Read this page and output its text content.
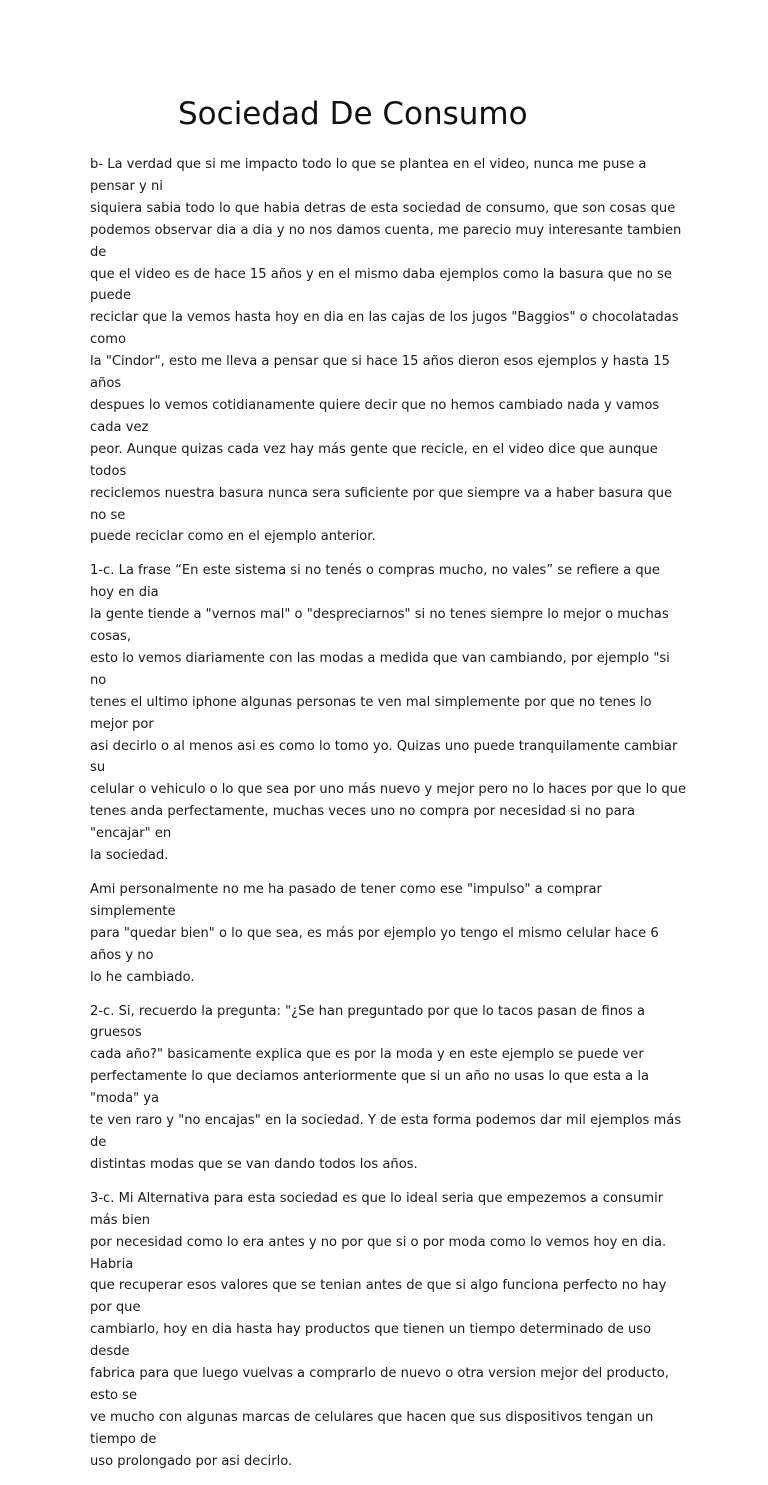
Sociedad De Consumo

b- La verdad que si me impacto todo lo que se plantea en el video, nunca me puse a pensar y ni
siquiera sabia todo lo que habia detras de esta sociedad de consumo, que son cosas que
podemos observar dia a dia y no nos damos cuenta, me parecio muy interesante tambien de
que el video es de hace 15 años y en el mismo daba ejemplos como la basura que no se puede
reciclar que la vemos hasta hoy en dia en las cajas de los jugos "Baggios" o chocolatadas como
la "Cindor", esto me lleva a pensar que si hace 15 años dieron esos ejemplos y hasta 15 años
despues lo vemos cotidianamente quiere decir que no hemos cambiado nada y vamos cada vez
peor. Aunque quizas cada vez hay más gente que recicle, en el video dice que aunque todos
reciclemos nuestra basura nunca sera suficiente por que siempre va a haber basura que no se
puede reciclar como en el ejemplo anterior.

1-c. La frase “En este sistema si no tenés o compras mucho, no vales” se refiere a que hoy en dia
la gente tiende a "vernos mal" o "despreciarnos" si no tenes siempre lo mejor o muchas cosas,
esto lo vemos diariamente con las modas a medida que van cambiando, por ejemplo "si no
tenes el ultimo iphone algunas personas te ven mal simplemente por que no tenes lo mejor por
asi decirlo o al menos asi es como lo tomo yo. Quizas uno puede tranquilamente cambiar su
celular o vehiculo o lo que sea por uno más nuevo y mejor pero no lo haces por que lo que
tenes anda perfectamente, muchas veces uno no compra por necesidad si no para "encajar" en
la sociedad.

Ami personalmente no me ha pasado de tener como ese "impulso" a comprar simplemente
para "quedar bien" o lo que sea, es más por ejemplo yo tengo el mismo celular hace 6 años y no
lo he cambiado.

2-c. Si, recuerdo la pregunta: "¿Se han preguntado por que lo tacos pasan de finos a gruesos
cada año?" basicamente explica que es por la moda y en este ejemplo se puede ver
perfectamente lo que deciamos anteriormente que si un año no usas lo que esta a la "moda" ya
te ven raro y "no encajas" en la sociedad. Y de esta forma podemos dar mil ejemplos más de
distintas modas que se van dando todos los años.

3-c. Mi Alternativa para esta sociedad es que lo ideal seria que empezemos a consumir más bien
por necesidad como lo era antes y no por que si o por moda como lo vemos hoy en dia. Habria
que recuperar esos valores que se tenian antes de que si algo funciona perfecto no hay por que
cambiarlo, hoy en dia hasta hay productos que tienen un tiempo determinado de uso desde
fabrica para que luego vuelvas a comprarlo de nuevo o otra version mejor del producto, esto se
ve mucho con algunas marcas de celulares que hacen que sus dispositivos tengan un tiempo de
uso prolongado por asi decirlo.
